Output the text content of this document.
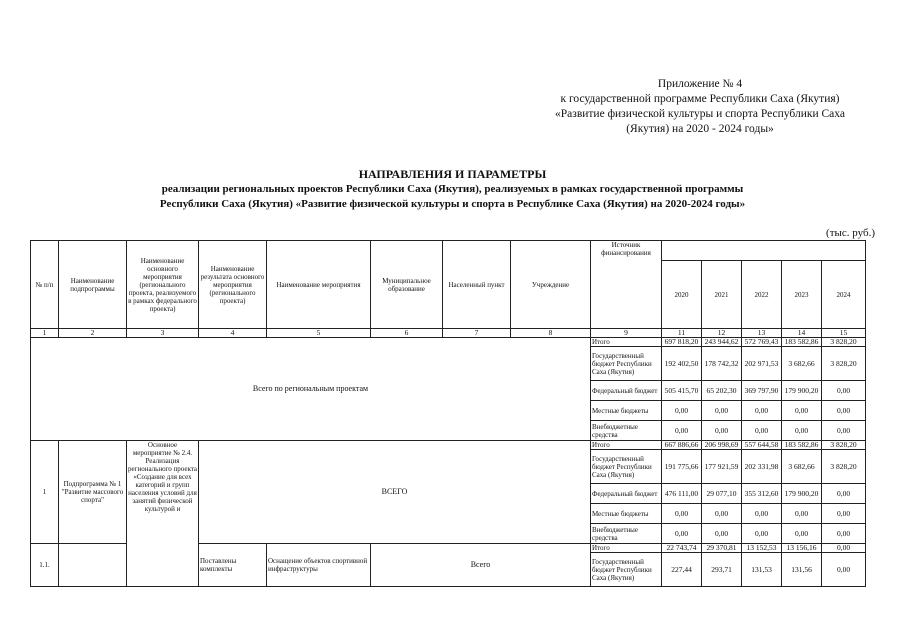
Приложение № 4
к государственной программе Республики Саха (Якутия)
«Развитие физической культуры и спорта Республики Саха
(Якутия) на 2020 - 2024 годы»
НАПРАВЛЕНИЯ И ПАРАМЕТРЫ
реализации региональных проектов Республики Саха (Якутия), реализуемых в рамках государственной программы
Республики Саха (Якутия) «Развитие физической культуры и спорта в Республике Саха (Якутия) на 2020-2024 годы»
(тыс. руб.)
№ п/п	Наименование подпрограммы	Наименование основного мероприятия (регионального проекта, реализуемого в рамках федерального проекта)	Наименование результата основного мероприятия (регионального проекта)	Наименование мероприятия	Муниципальное образование	Населенный пункт	Учреждение	Источник финансирования					
									2020	2021	2022	2023	2024
1	2	3	4	5	6	7	8	9	11	12	13	14	15
Всего по региональным проектам								Итого	697 818,20	243 944,62	572 769,43	183 582,86	3 828,20
								Государственный бюджет Республики Саха (Якутия)	192 402,50	178 742,32	202 971,53	3 682,66	3 828,20
								Федеральный бюджет	505 415,70	65 202,30	369 797,90	179 900,20	0,00
								Местные бюджеты	0,00	0,00	0,00	0,00	0,00
								Внебюджетные средства	0,00	0,00	0,00	0,00	0,00
1	Подпрограмма № 1 "Развитие массового спорта"	Основное мероприятие № 2.4. Реализация регионального проекта «Создание для всех категорий и групп населения условий для занятий физической культурой и	ВСЕГО					Итого	667 886,66	206 998,69	557 644,58	183 582,86	3 828,20
								Государственный бюджет Республики Саха (Якутия)	191 775,66	177 921,59	202 331,98	3 682,66	3 828,20
								Федеральный бюджет	476 111,00	29 077,10	355 312,60	179 900,20	0,00
								Местные бюджеты	0,00	0,00	0,00	0,00	0,00
								Внебюджетные средства	0,00	0,00	0,00	0,00	0,00
1.1.			Поставлены комплекты	Оснащение объектов спортивной инфраструктуры	Всего			Итого	22 743,74	29 370,81	13 152,53	13 156,16	0,00
								Государственный бюджет Республики Саха (Якутия)	227,44	293,71	131,53	131,56	0,00
